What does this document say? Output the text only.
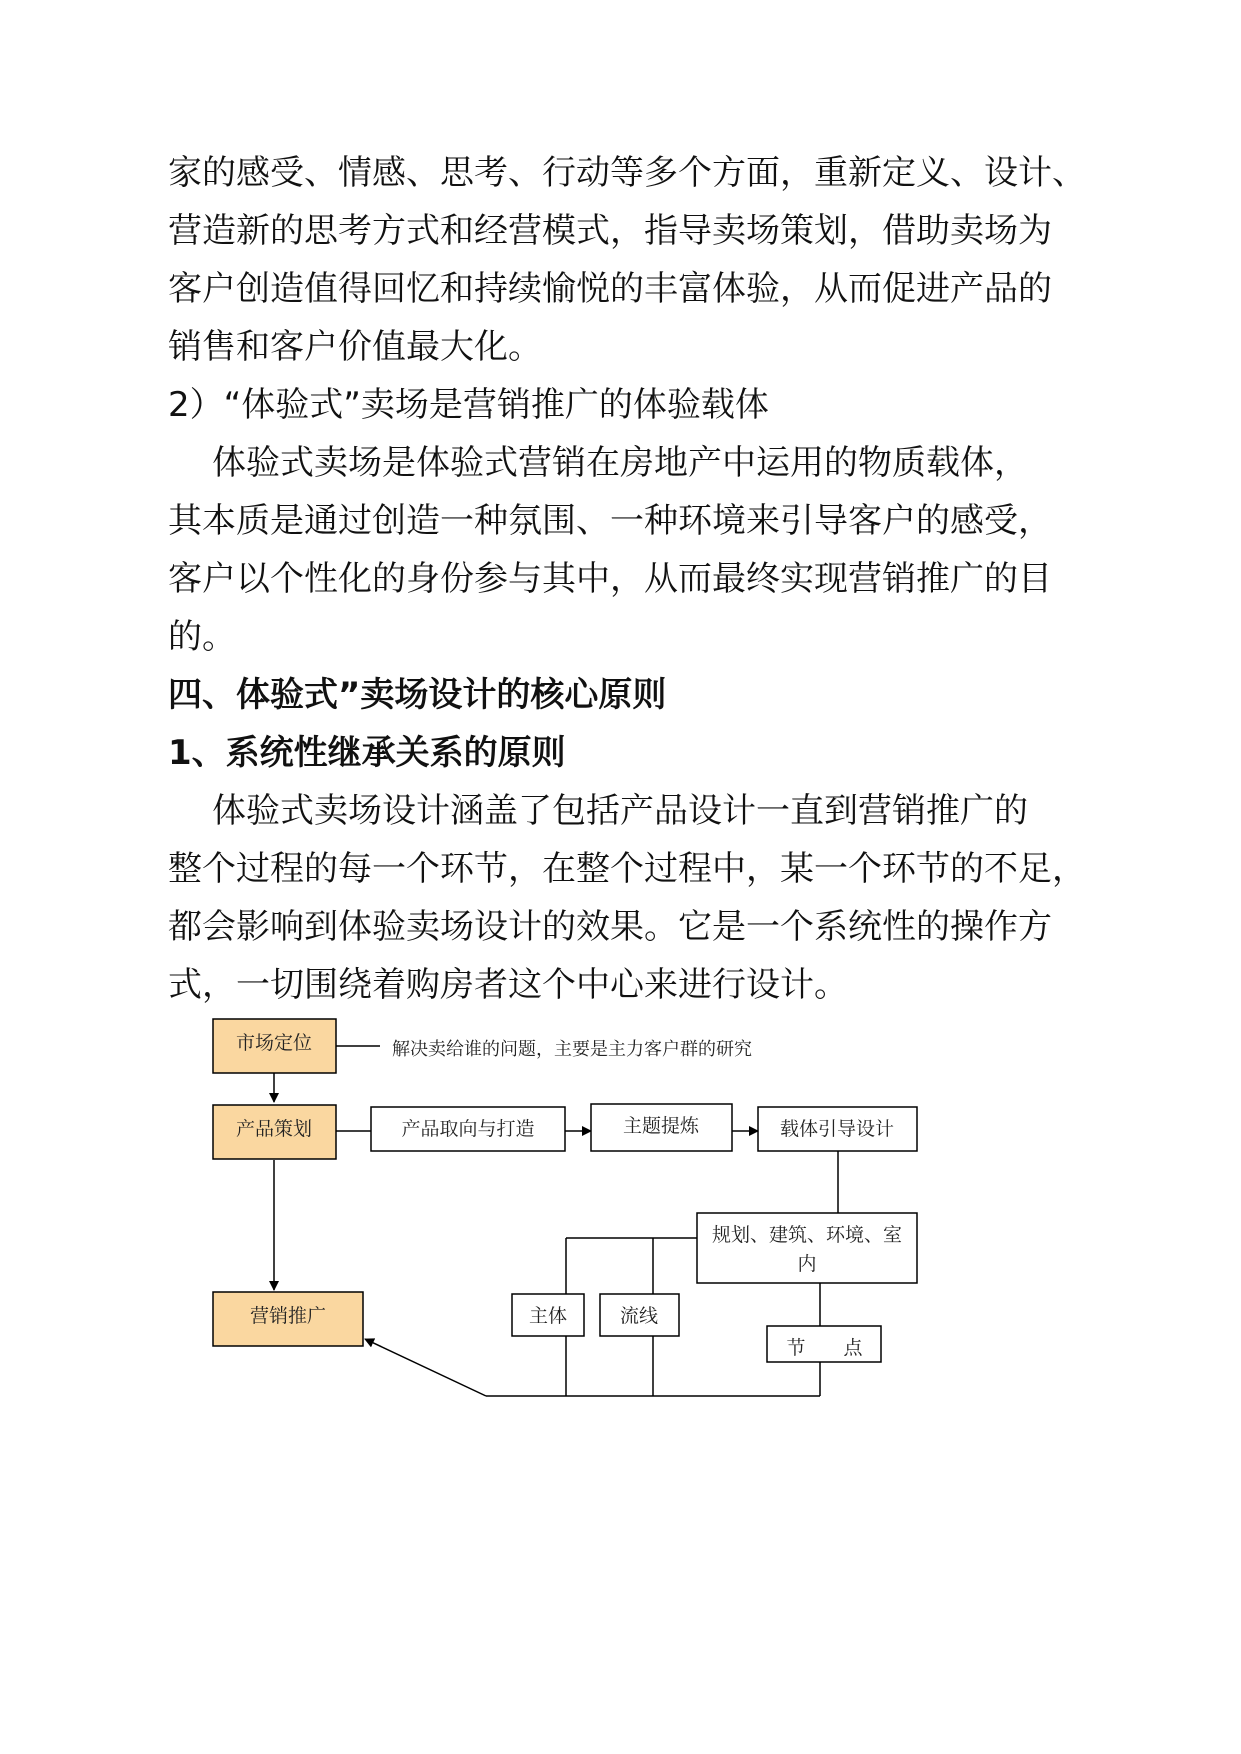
家的感受、情感、思考、行动等多个方面，重新定义、设计、
营造新的思考方式和经营模式，指导卖场策划，借助卖场为
客户创造值得回忆和持续愉悦的丰富体验，从而促进产品的
销售和客户价值最大化。
2）“体验式”卖场是营销推广的体验载体
体验式卖场是体验式营销在房地产中运用的物质载体，
其本质是通过创造一种氛围、一种环境来引导客户的感受，
客户以个性化的身份参与其中，从而最终实现营销推广的目
的。
四、体验式”卖场设计的核心原则
1、系统性继承关系的原则
体验式卖场设计涵盖了包括产品设计一直到营销推广的
整个过程的每一个环节，在整个过程中，某一个环节的不足，
都会影响到体验卖场设计的效果。它是一个系统性的操作方
式，一切围绕着购房者这个中心来进行设计。
市场定位	解决卖给谁的问题，主要是主力客户群的研究
产品策划	产品取向与打造	主题提炼	载体引导设计
规划、建筑、环境、室
内
营销推广	主体	流线
节 点
